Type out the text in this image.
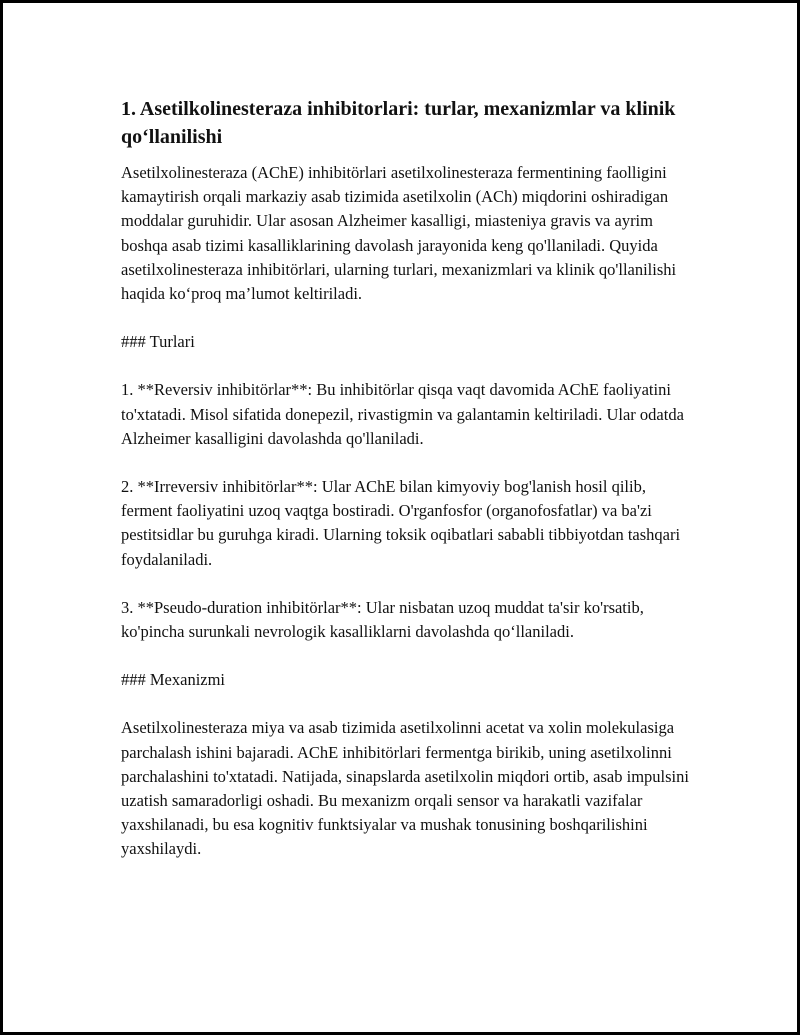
1. Asetilkolinesteraza inhibitorlari: turlar, mexanizmlar va klinik qo‘llanilishi

Asetilxolinesteraza (AChE) inhibitörlari asetilxolinesteraza fermentining faolligini kamaytirish orqali markaziy asab tizimida asetilxolin (ACh) miqdorini oshiradigan moddalar guruhidir. Ular asosan Alzheimer kasalligi, miasteniya gravis va ayrim boshqa asab tizimi kasalliklarining davolash jarayonida keng qo'llaniladi. Quyida asetilxolinesteraza inhibitörlari, ularning turlari, mexanizmlari va klinik qo'llanilishi haqida ko‘proq ma’lumot keltiriladi.

### Turlari

1. **Reversiv inhibitörlar**: Bu inhibitörlar qisqa vaqt davomida AChE faoliyatini to'xtatadi. Misol sifatida donepezil, rivastigmin va galantamin keltiriladi. Ular odatda Alzheimer kasalligini davolashda qo'llaniladi.

2. **Irreversiv inhibitörlar**: Ular AChE bilan kimyoviy bog'lanish hosil qilib, ferment faoliyatini uzoq vaqtga bostiradi. O'rganfosfor (organofosfatlar) va ba'zi pestitsidlar bu guruhga kiradi. Ularning toksik oqibatlari sababli tibbiyotdan tashqari foydalaniladi.

3. **Pseudo-duration inhibitörlar**: Ular nisbatan uzoq muddat ta'sir ko'rsatib, ko'pincha surunkali nevrologik kasalliklarni davolashda qo‘llaniladi.

### Mexanizmi

Asetilxolinesteraza miya va asab tizimida asetilxolinni acetat va xolin molekulasiga parchalash ishini bajaradi. AChE inhibitörlari fermentga birikib, uning asetilxolinni parchalashini to'xtatadi. Natijada, sinapslarda asetilxolin miqdori ortib, asab impulsini uzatish samaradorligi oshadi. Bu mexanizm orqali sensor va harakatli vazifalar yaxshilanadi, bu esa kognitiv funktsiyalar va mushak tonusining boshqarilishini yaxshilaydi.
